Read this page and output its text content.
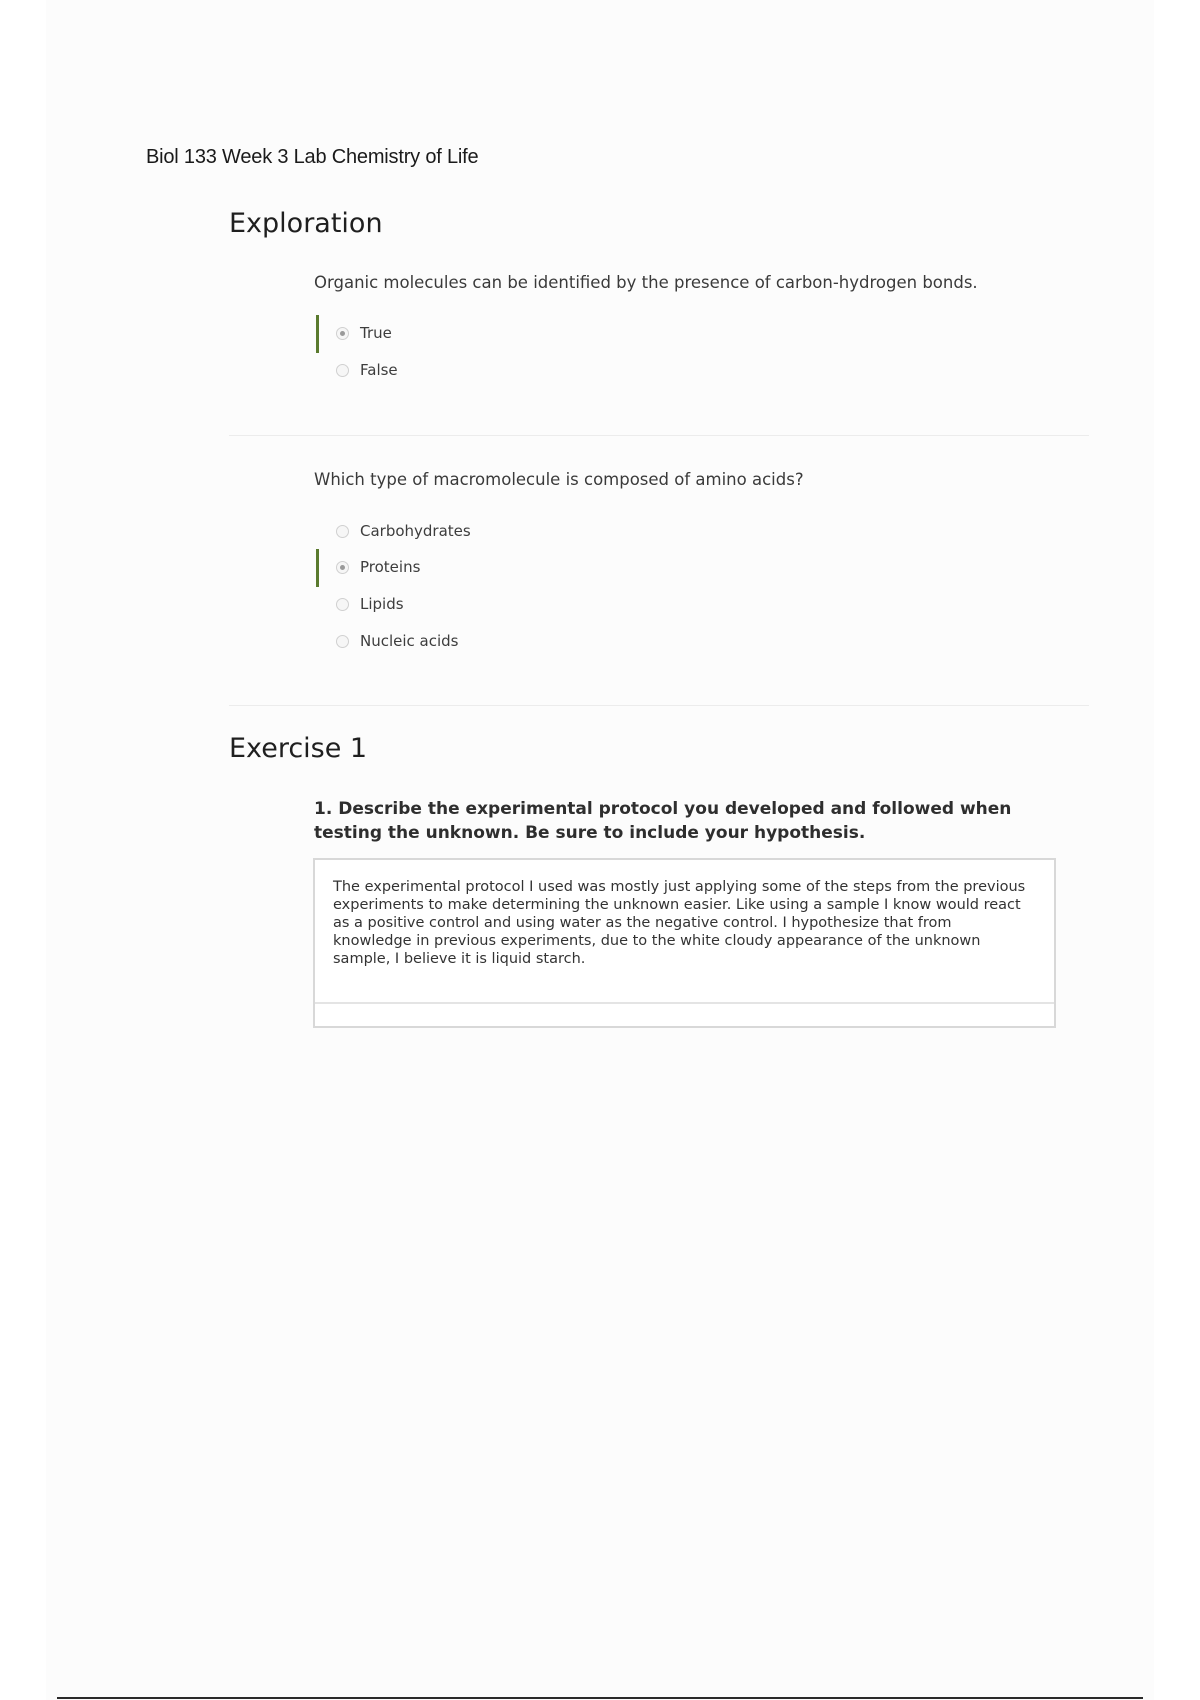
Biol 133 Week 3 Lab Chemistry of Life
Exploration
Organic molecules can be identified by the presence of carbon-hydrogen bonds.
True
False
Which type of macromolecule is composed of amino acids?
Carbohydrates
Proteins
Lipids
Nucleic acids
Exercise 1
1. Describe the experimental protocol you developed and followed when testing the unknown. Be sure to include your hypothesis.
The experimental protocol I used was mostly just applying some of the steps from the previous experiments to make determining the unknown easier. Like using a sample I know would react as a positive control and using water as the negative control. I hypothesize that from knowledge in previous experiments, due to the white cloudy appearance of the unknown sample, I believe it is liquid starch.
